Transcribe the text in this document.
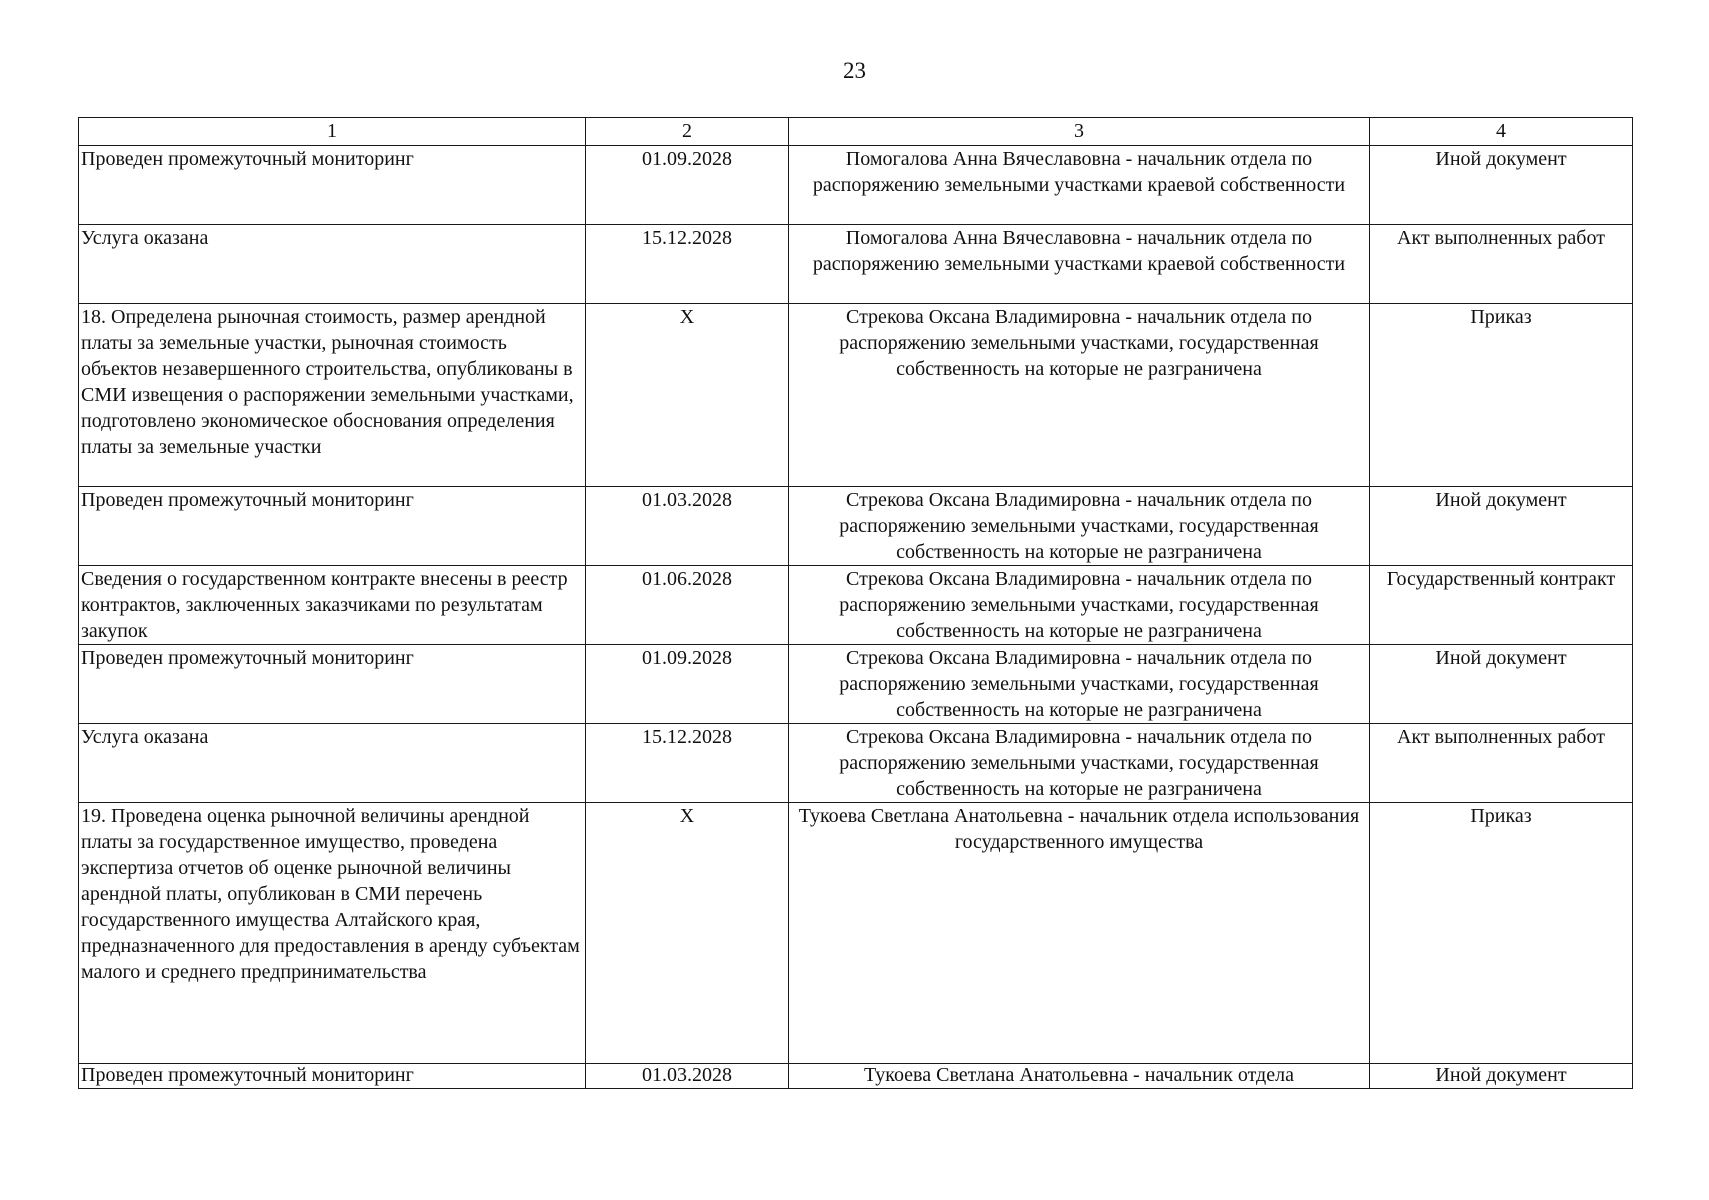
23
1	2	3	4
Проведен промежуточный мониторинг	01.09.2028	Помогалова Анна Вячеславовна - начальник отдела по распоряжению земельными участками краевой собственности	Иной документ
Услуга оказана	15.12.2028	Помогалова Анна Вячеславовна - начальник отдела по распоряжению земельными участками краевой собственности	Акт выполненных работ
18. Определена рыночная стоимость, размер арендной платы за земельные участки, рыночная стоимость объектов незавершенного строительства, опубликованы в СМИ извещения о распоряжении земельными участками, подготовлено экономическое обоснования определения платы за земельные участки	Х	Стрекова Оксана Владимировна - начальник отдела по распоряжению земельными участками, государственная собственность на которые не разграничена	Приказ
Проведен промежуточный мониторинг	01.03.2028	Стрекова Оксана Владимировна - начальник отдела по распоряжению земельными участками, государственная собственность на которые не разграничена	Иной документ
Сведения о государственном контракте внесены в реестр контрактов, заключенных заказчиками по результатам закупок	01.06.2028	Стрекова Оксана Владимировна - начальник отдела по распоряжению земельными участками, государственная собственность на которые не разграничена	Государственный контракт
Проведен промежуточный мониторинг	01.09.2028	Стрекова Оксана Владимировна - начальник отдела по распоряжению земельными участками, государственная собственность на которые не разграничена	Иной документ
Услуга оказана	15.12.2028	Стрекова Оксана Владимировна - начальник отдела по распоряжению земельными участками, государственная собственность на которые не разграничена	Акт выполненных работ
19. Проведена оценка рыночной величины арендной платы за государственное имущество, проведена экспертиза отчетов об оценке рыночной величины арендной платы, опубликован в СМИ перечень государственного имущества Алтайского края, предназначенного для предоставления в аренду субъектам малого и среднего предпринимательства	Х	Тукоева Светлана Анатольевна - начальник отдела использования государственного имущества	Приказ
Проведен промежуточный мониторинг	01.03.2028	Тукоева Светлана Анатольевна - начальник отдела	Иной документ
